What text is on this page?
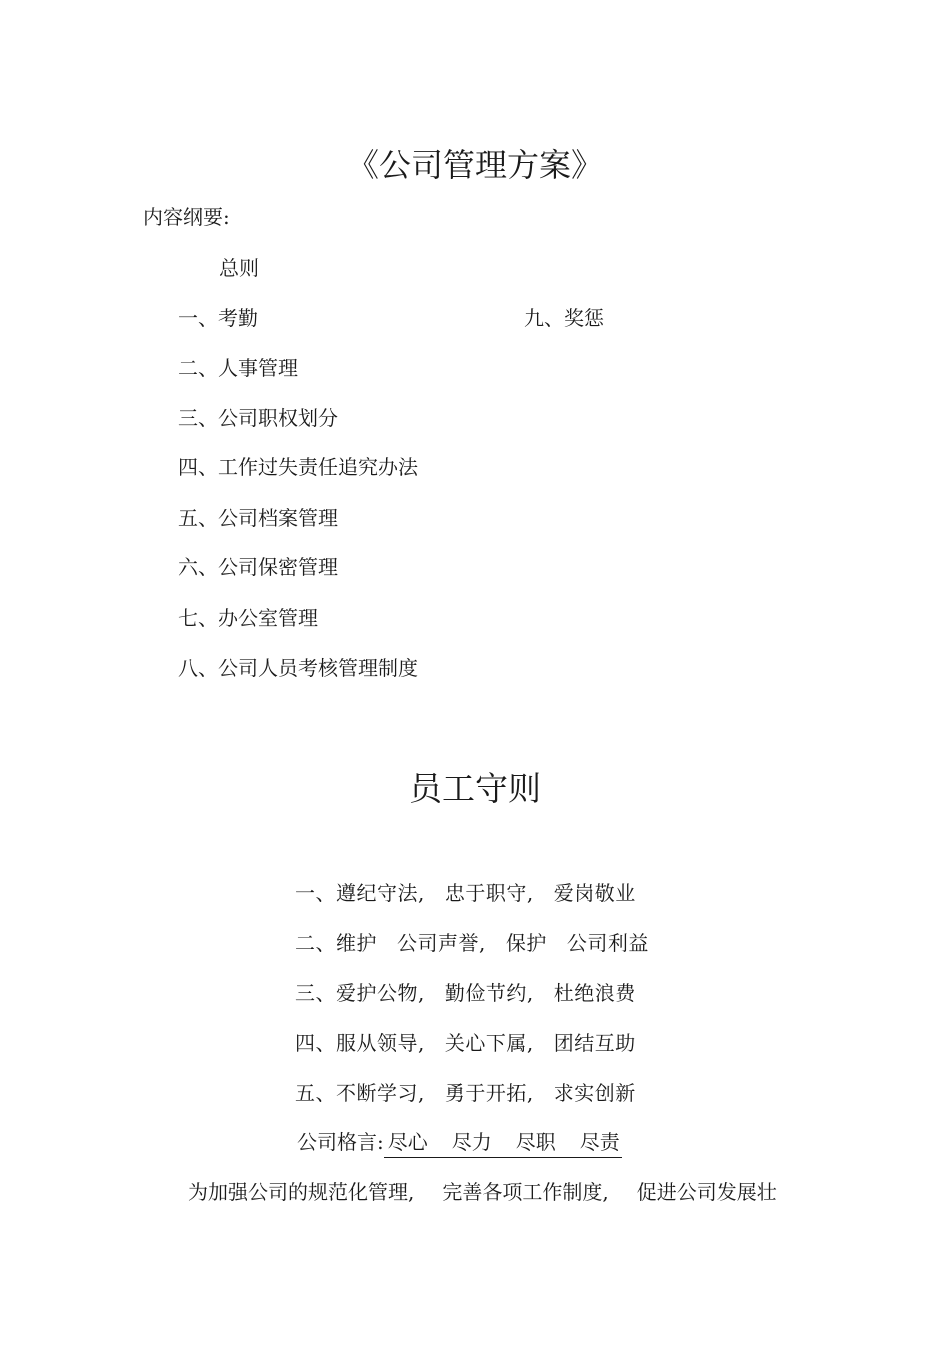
《公司管理方案》
内容纲要:
总则
一、考勤	九、奖惩
二、人事管理
三、公司职权划分
四、工作过失责任追究办法
五、公司档案管理
六、公司保密管理
七、办公室管理
八、公司人员考核管理制度
员工守则
一、遵纪守法, 忠于职守, 爱岗敬业
二、维护 公司声誉, 保护 公司利益
三、爱护公物, 勤俭节约, 杜绝浪费
四、服从领导, 关心下属, 团结互助
五、不断学习, 勇于开拓, 求实创新
公司格言: 尽心 尽力 尽职 尽责
为加强公司的规范化管理, 完善各项工作制度, 促进公司发展壮
